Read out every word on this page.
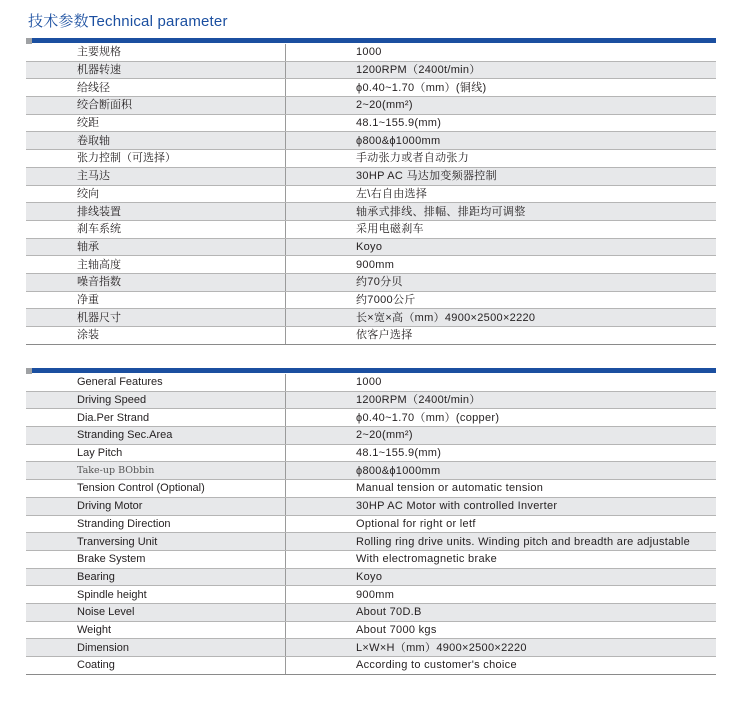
技术参数Technical parameter
主要规格	1000
机器转速	1200RPM（2400t/min）
给线径	ϕ0.40~1.70（mm）(铜线)
绞合断面积	2~20(mm²)
绞距	48.1~155.9(mm)
卷取轴	ϕ800&ϕ1000mm
张力控制（可选择）	手动张力或者自动张力
主马达	30HP AC 马达加变频器控制
绞向	左\右自由选择
排线装置	轴承式排线、排幅、排距均可调整
刹车系统	采用电磁刹车
轴承	Koyo
主轴高度	900mm
噪音指数	约70分贝
净重	约7000公斤
机器尺寸	长×宽×高（mm）4900×2500×2220
涂装	依客户选择
General Features	1000
Driving Speed	1200RPM（2400t/min）
Dia.Per Strand	ϕ0.40~1.70（mm）(copper)
Stranding Sec.Area	2~20(mm²)
Lay Pitch	48.1~155.9(mm)
Take-up BObbin	ϕ800&ϕ1000mm
Tension Control (Optional)	Manual tension or automatic tension
Driving Motor	30HP AC Motor with controlled Inverter
Stranding Direction	Optional for right or letf
Tranversing Unit	Rolling ring drive units. Winding pitch and breadth are adjustable
Brake System	With electromagnetic brake
Bearing	Koyo
Spindle height	900mm
Noise Level	About 70D.B
Weight	About 7000 kgs
Dimension	L×W×H（mm）4900×2500×2220
Coating	According to customer's choice
